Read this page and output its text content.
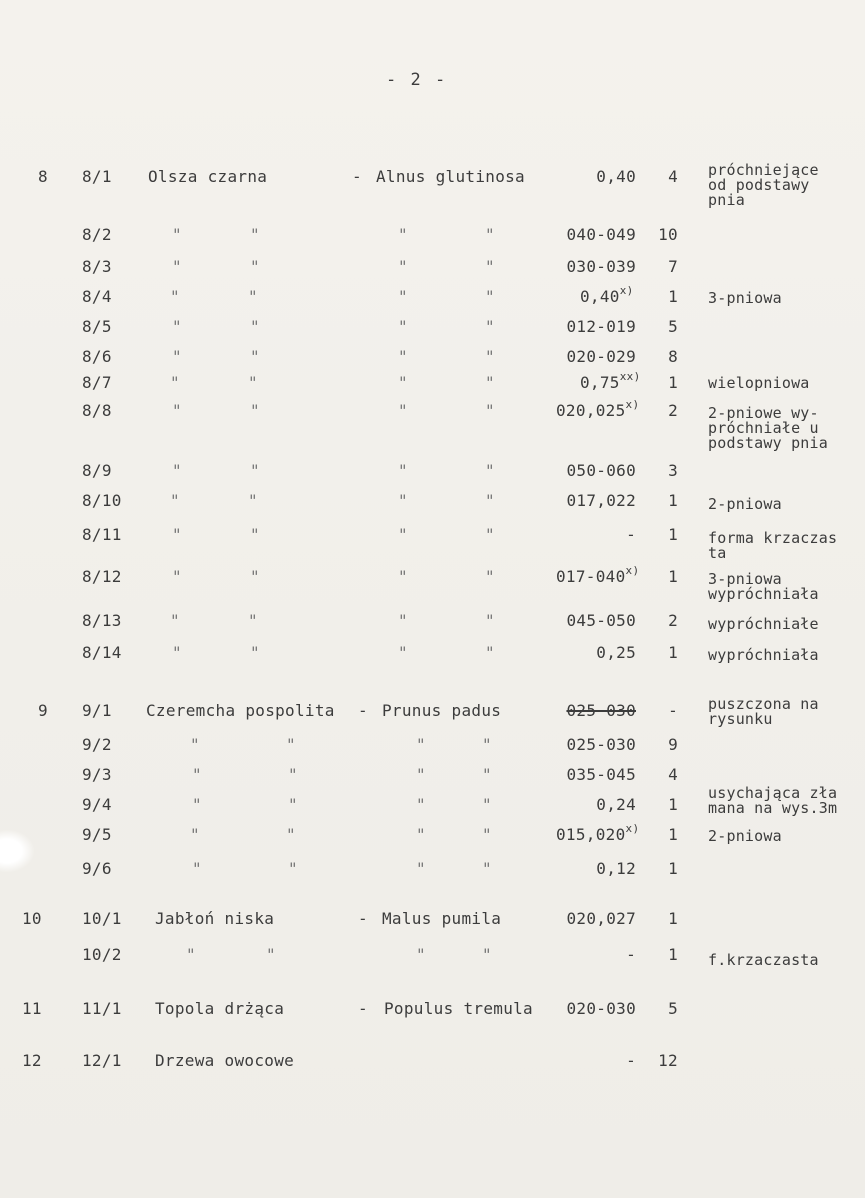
- 2 -
8 8/1 Olsza czarna	- Alnus glutinosa	0,40	4 próchniejące
od podstawy
pnia
8/2	"	"	"	"	040-049 10
8/3	"	"	"	"	030-039	7
8/4	"	"	"	"	0,40$^{x)}$	1 3-pniowa
8/5	"	"	"	"	012-019	5
8/6	"	"	"	"	020-029	8
8/7	"	"	"	"	0,75$^{xx)}$	1 wielopniowa
8/8	"	"	"	"	020,025$^{x)}$	2 2-pniowe wy-
próchniałe u
podstawy pnia
8/9	"	"	"	"	050-060	3
8/10	"	"	"	"	017,022	1 2-pniowa
8/11	"	"	"	"	-	1 forma krzaczas
ta
8/12	"	"	"	"	017-040$^{x)}$	1 3-pniowa
wypróchniała
8/13	"	"	"	"	045-050	2 wypróchniałe
8/14	"	"	"	"	0,25	1 wypróchniała
9 9/1 Czeremcha pospolita - Prunus padus	025-030	- puszczona na
rysunku
9/2	"	"	"	"	025-030	9
9/3	"	"	"	"	035-045	4
9/4	"	"	"	"	0,24	1
usychająca zła
mana na wys.3m
9/5	"	"	"	"	015,020$^{x)}$	1 2-pniowa
9/6	"	"	"	"	0,12	1
10	10/1 Jabłoń niska	- Malus pumila	020,027	1
10/2	"	"	"	"	-	1 f.krzaczasta
11	11/1 Topola drżąca	- Populus tremula	020-030	5
12	12/1 Drzewa owocowe	- 12
